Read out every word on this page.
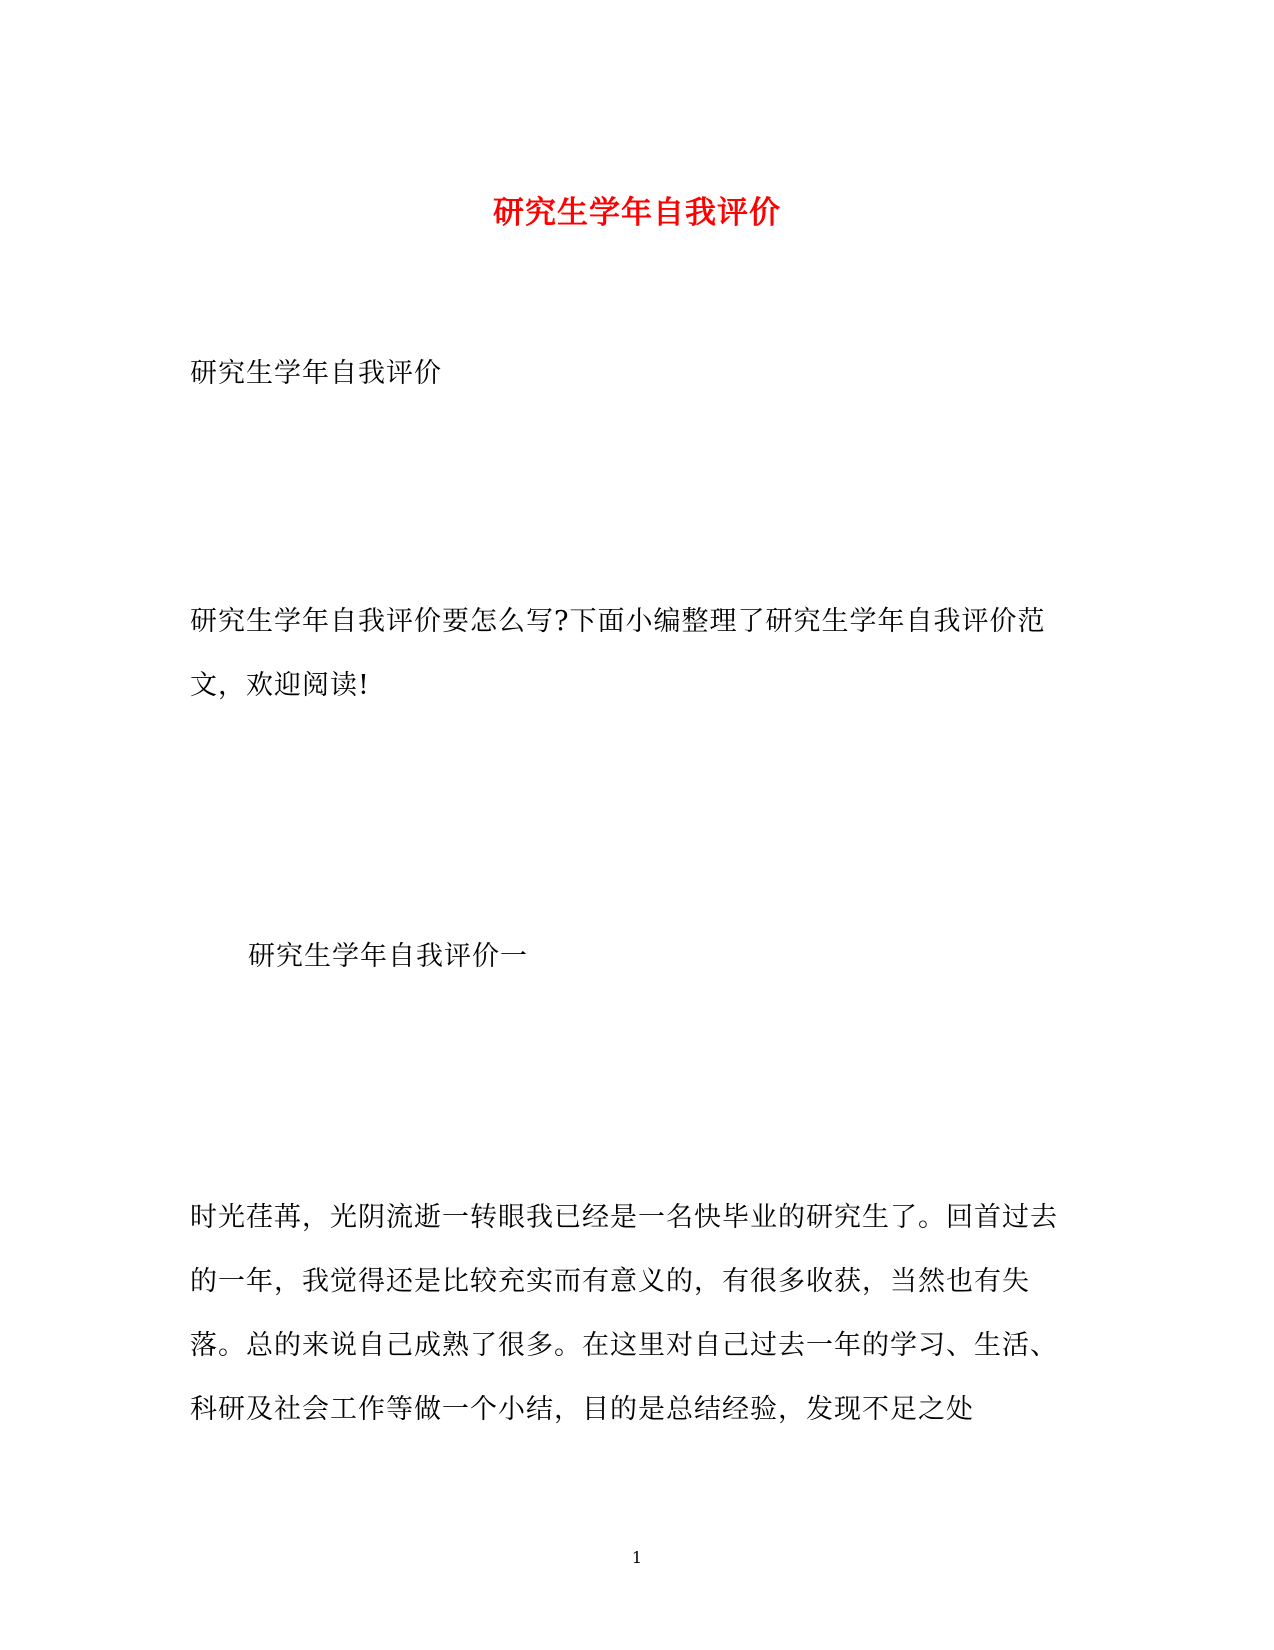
研究生学年自我评价

研究生学年自我评价

研究生学年自我评价要怎么写?下面小编整理了研究生学年自我评价范文，欢迎阅读!

研究生学年自我评价一

时光荏苒，光阴流逝一转眼我已经是一名快毕业的研究生了。回首过去的一年，我觉得还是比较充实而有意义的，有很多收获，当然也有失落。总的来说自己成熟了很多。在这里对自己过去一年的学习、生活、科研及社会工作等做一个小结，目的是总结经验，发现不足之处

1
